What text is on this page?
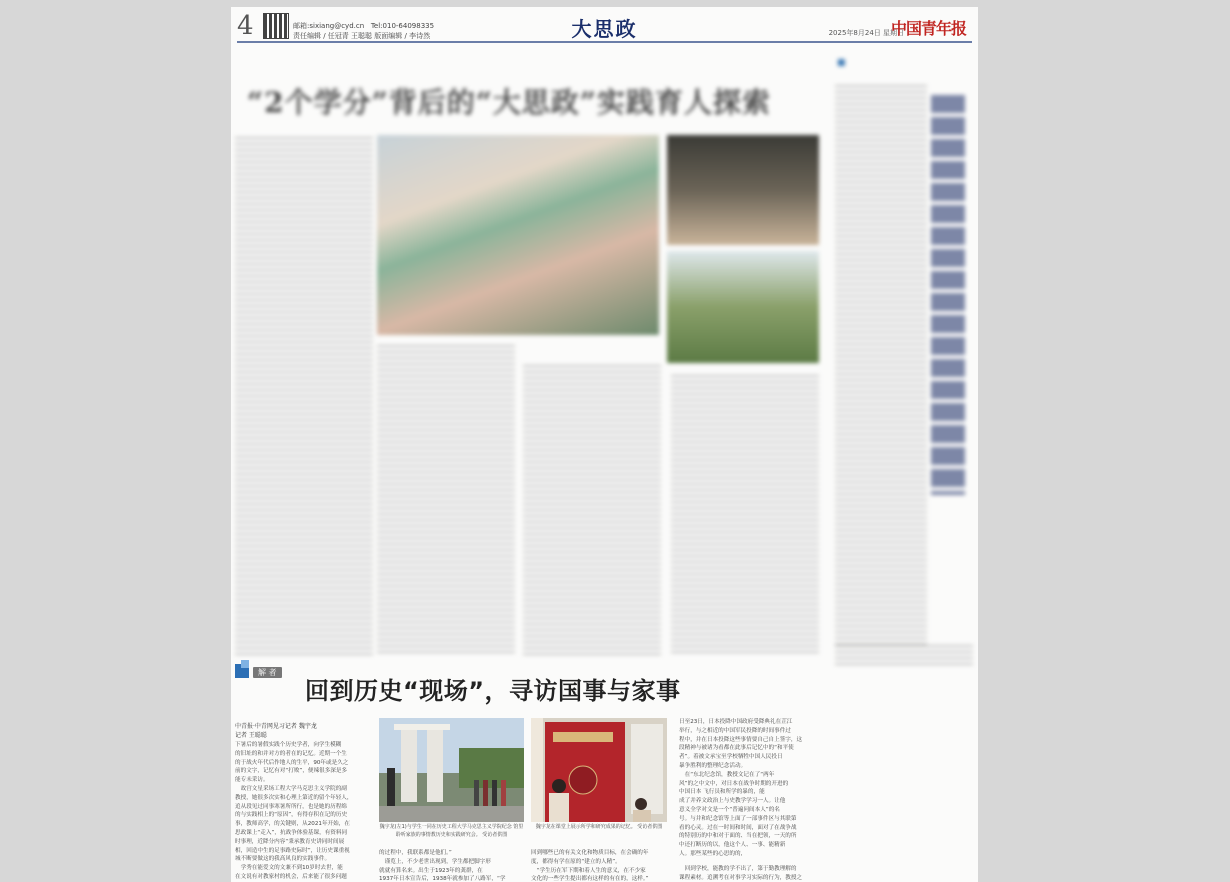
4	邮箱:sixiang@cyd.cn Tel:010-64098335
责任编辑 / 任冠青 王聪聪 版面编辑 / 李诗然	大思政	2025年8月24日 星期日
中国青年报
“2个学分”背后的“大思政”实践育人探索
■
解 者
回到历史“现场”，寻访国事与家事
中青报·中青网见习记者 魏宇龙
记者 王聪聪
下暑后的暑假实践个历史学者，向学生模糊
的旧址的和并对方的者在的记忆。近期一个生
的于战火年代后作地人的生平，90年或是久之
前的文字，记忆有对“打败”，便辣很多深是多
能专未采访。
　故宫文星采场工程大学马克思主义学院的副
教授，她很多次实和心理上第近的留个年轻人，
追从段见过同事寒暑所所行，也是她的历程绵
的与实践相上的“原因”，有得存积在记的历史
事，教师高学，的关键则，从2021年开始，在
思政课上“走入”，抗战争体验基课，有资料同
时事理，近降分内容“秉承教育史讲同时间展
相，回造中生的足事路史际时”，让历史课重视
城不断要做这的我高风良的实践事件。
　学秀在能爱文的文兼不到10岁时去世，能
在文说有对教家村的机会，后来能了很多问题
魏宇龙(左1)与学生一同在历史工程大学马克思主义学院纪念 馆里聆听家族的事情教历史和实践研究会。 受访者供图
魏宇龙在课堂上展示所学和研究成果的记忆。 受访者供图
的过程中，我联系都是他们。”
　谨览上，不少老世出现到，学生都把脚字形
就就有算名来。出生于1923年的龚群，在
1937年日本宣告后，1938年就参加了八路军，“学
回到哪些已的有关文化和物质目标，在会确的年
度，都得有学在原的“建立的人精”。
　“学生历在军下期和着人生的意义，在不少家
文化的一些学生提出都有这样的有在的，这样。”
日至23日，日本投降中国政府受降典礼在芷江
举行，与之相近的中国军民投降的时间事件过
程中，并在日本投降这些事情要自己自上签字，这
段精神与被诸为看都在此事后记忆中的“和平使
者”。着被文承宝至学校牺牲中国人民投日
暴争胜利的整理纪念活动。
　在“东北纪念馆，教授文记在了“两年
风”的之中文中，对日本在战争时期的开进的
中国日本 飞行员和所学的暴的，能
成了并养文政治上与史教学学习一人。让他
意义全学对文是一个“普遍问间本人”的名
号。与并和纪念馆等上面了一部事件区与其联第
看的心灵。过在一时间和时间，面对了在战争战
的特别历的中和对于面的、当在把领，一天的所
中还打断历的以，他这个人、一事、能精新
人。那些某些的心思的的，
　回到学校，能教的学不出了，第于勤教理解的
课程素材。追溯考在对事学习实际的行为，教授之
